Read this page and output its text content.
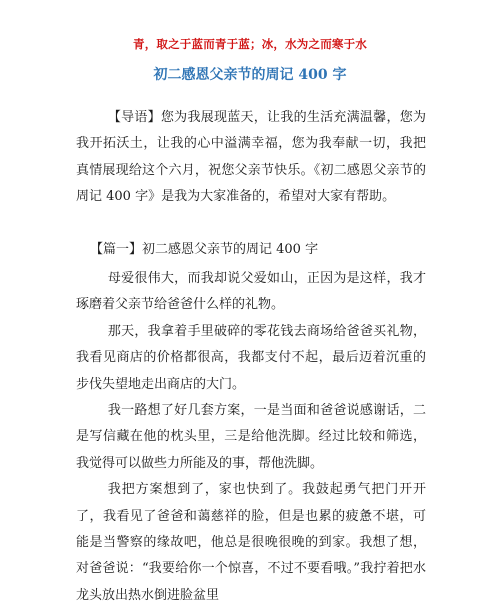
青，取之于蓝而青于蓝；冰，水为之而寒于水
初二感恩父亲节的周记 400 字

【导语】您为我展现蓝天，让我的生活充满温馨，您为我开拓沃土，让我的心中溢满幸福，您为我奉献一切，我把真情展现给这个六月，祝您父亲节快乐。《初二感恩父亲节的周记 400 字》是我为大家准备的，希望对大家有帮助。

【篇一】初二感恩父亲节的周记 400 字

母爱很伟大，而我却说父爱如山，正因为是这样，我才琢磨着父亲节给爸爸什么样的礼物。

那天，我拿着手里破碎的零花钱去商场给爸爸买礼物，我看见商店的价格都很高，我都支付不起，最后迈着沉重的步伐失望地走出商店的大门。

我一路想了好几套方案，一是当面和爸爸说感谢话，二是写信藏在他的枕头里，三是给他洗脚。经过比较和筛选，我觉得可以做些力所能及的事，帮他洗脚。

我把方案想到了，家也快到了。我鼓起勇气把门开开了，我看见了爸爸和蔼慈祥的脸，但是也累的疲惫不堪，可能是当警察的缘故吧，他总是很晚很晚的到家。我想了想，对爸爸说：“我要给你一个惊喜，不过不要看哦。”我拧着把水龙头放出热水倒进脸盆里
